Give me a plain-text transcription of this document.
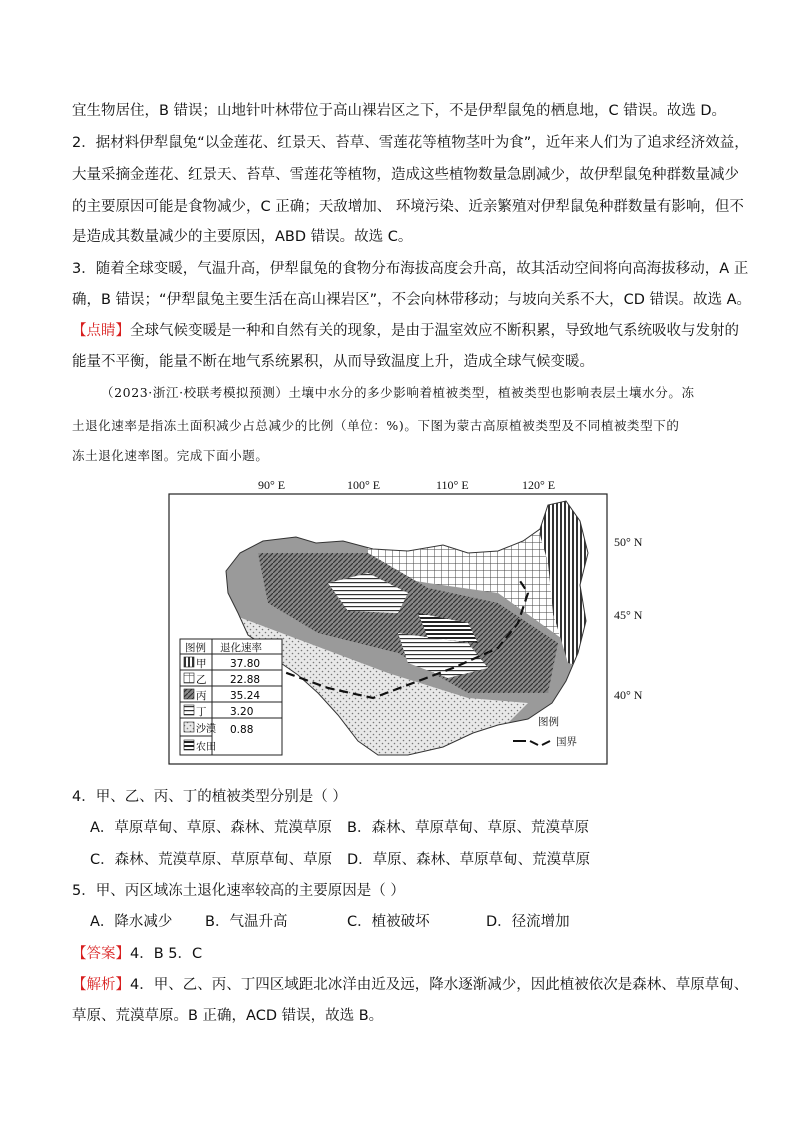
宜生物居住，B 错误；山地针叶林带位于高山裸岩区之下，不是伊犁鼠兔的栖息地，C 错误。故选 D。
2．据材料伊犁鼠兔“以金莲花、红景天、苔草、雪莲花等植物茎叶为食”，近年来人们为了追求经济效益，
大量采摘金莲花、红景天、苔草、雪莲花等植物，造成这些植物数量急剧减少，故伊犁鼠兔种群数量减少
的主要原因可能是食物减少，C 正确；天敌增加、 环境污染、近亲繁殖对伊犁鼠兔种群数量有影响，但不
是造成其数量减少的主要原因，ABD 错误。故选 C。
3．随着全球变暖，气温升高，伊犁鼠兔的食物分布海拔高度会升高，故其活动空间将向高海拔移动，A 正
确，B 错误；“伊犁鼠兔主要生活在高山裸岩区”，不会向林带移动；与坡向关系不大，CD 错误。故选 A。
【点睛】全球气候变暖是一种和自然有关的现象，是由于温室效应不断积累，导致地气系统吸收与发射的
能量不平衡，能量不断在地气系统累积，从而导致温度上升，造成全球气候变暖。
（2023·浙江·校联考模拟预测）土壤中水分的多少影响着植被类型，植被类型也影响表层土壤水分。冻
土退化速率是指冻土面积减少占总减少的比例（单位：%)。下图为蒙古高原植被类型及不同植被类型下的
冻土退化速率图。完成下面小题。
90° E	100° E	110° E	120° E
50° N
45° N
40° N
图例 退化速率
甲 37.80
乙 22.88
丙 35.24
丁 3.20
沙漠 0.88
农田
图例
国界
4．甲、乙、丙、丁的植被类型分别是（ ）
A．草原草甸、草原、森林、荒漠草原 B．森林、草原草甸、草原、荒漠草原
C．森林、荒漠草原、草原草甸、草原 D．草原、森林、草原草甸、荒漠草原
5．甲、丙区域冻土退化速率较高的主要原因是（ ）
A．降水减少 B．气温升高	C．植被破坏	D．径流增加
【答案】4．B 5．C
【解析】4．甲、乙、丙、丁四区域距北冰洋由近及远，降水逐渐减少，因此植被依次是森林、草原草甸、
草原、荒漠草原。B 正确，ACD 错误，故选 B。
